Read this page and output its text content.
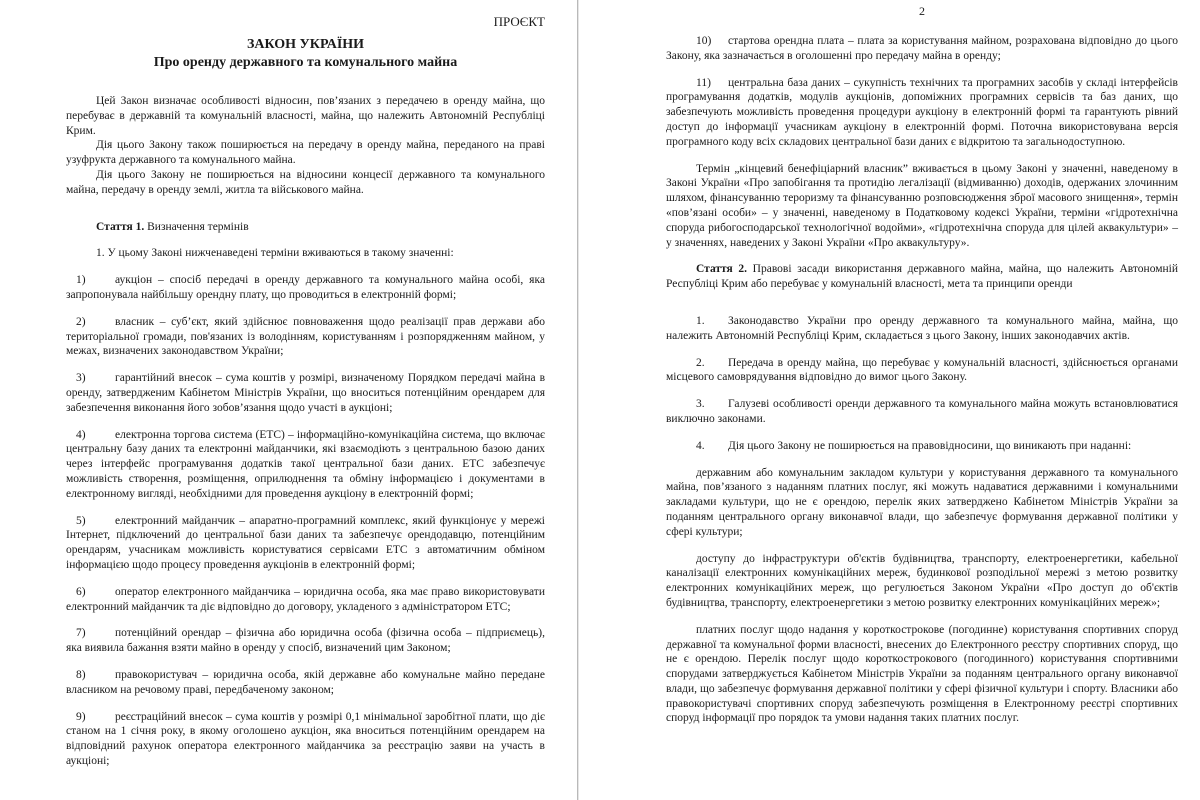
ПРОЄКТ
ЗАКОН УКРАЇНИ
Про оренду державного та комунального майна

Цей Закон визначає особливості відносин, пов’язаних з передачею в оренду майна, що перебуває в державній та комунальній власності, майна, що належить Автономній Республіці Крим.

Дія цього Закону також поширюється на передачу в оренду майна, переданого на праві узуфрукта державного та комунального майна.

Дія цього Закону не поширюється на відносини концесії державного та комунального майна, передачу в оренду землі, житла та військового майна.

Стаття 1. Визначення термінів

1. У цьому Законі нижченаведені терміни вживаються в такому значенні:

1)	аукціон – спосіб передачі в оренду державного та комунального майна особі, яка запропонувала найбільшу орендну плату, що проводиться в електронній формі;

2)	власник – суб’єкт, який здійснює повноваження щодо реалізації прав держави або територіальної громади, пов'язаних із володінням, користуванням і розпорядженням майном, у межах, визначених законодавством України;

3)	гарантійний внесок – сума коштів у розмірі, визначеному Порядком передачі майна в оренду, затвердженим Кабінетом Міністрів України, що вноситься потенційним орендарем для забезпечення виконання його зобов’язання щодо участі в аукціоні;

4)	електронна торгова система (ЕТС) – інформаційно-комунікаційна система, що включає центральну базу даних та електронні майданчики, які взаємодіють з центральною базою даних через інтерфейс програмування додатків такої центральної бази даних. ЕТС забезпечує можливість створення, розміщення, оприлюднення та обміну інформацією і документами в електронному вигляді, необхідними для проведення аукціону в електронній формі;

5)	електронний майданчик – апаратно-програмний комплекс, який функціонує у мережі Інтернет, підключений до центральної бази даних та забезпечує орендодавцю, потенційним орендарям, учасникам можливість користуватися сервісами ЕТС з автоматичним обміном інформацією щодо процесу проведення аукціонів в електронній формі;

6)	оператор електронного майданчика – юридична особа, яка має право використовувати електронний майданчик та діє відповідно до договору, укладеного з адміністратором ЕТС;

7)	потенційний орендар – фізична або юридична особа (фізична особа – підприємець), яка виявила бажання взяти майно в оренду у спосіб, визначений цим Законом;

8)	правокористувач – юридична особа, якій державне або комунальне майно передане власником на речовому праві, передбаченому законом;

9)	реєстраційний внесок – сума коштів у розмірі 0,1 мінімальної заробітної плати, що діє станом на 1 січня року, в якому оголошено аукціон, яка вноситься потенційним орендарем на відповідний рахунок оператора електронного майданчика за реєстрацію заяви на участь в аукціоні;

2

10) стартова орендна плата – плата за користування майном, розрахована відповідно до цього Закону, яка зазначається в оголошенні про передачу майна в оренду;

11) центральна база даних – сукупність технічних та програмних засобів у складі інтерфейсів програмування додатків, модулів аукціонів, допоміжних програмних сервісів та баз даних, що забезпечують можливість проведення процедури аукціону в електронній формі та гарантують рівний доступ до інформації учасникам аукціону в електронній формі. Поточна використовувана версія програмного коду всіх складових центральної бази даних є відкритою та загальнодоступною.

Термін „кінцевий бенефіціарний власник” вживається в цьому Законі у значенні, наведеному в Законі України «Про запобігання та протидію легалізації (відмиванню) доходів, одержаних злочинним шляхом, фінансуванню тероризму та фінансуванню розповсюдження зброї масового знищення», термін «пов’язані особи» – у значенні, наведеному в Податковому кодексі України, терміни «гідротехнічна споруда рибогосподарської технологічної водойми», «гідротехнічна споруда для цілей аквакультури» – у значеннях, наведених у Законі України «Про аквакультуру».

Стаття 2. Правові засади використання державного майна, майна, що належить Автономній Республіці Крим або перебуває у комунальній власності, мета та принципи оренди

1. Законодавство України про оренду державного та комунального майна, майна, що належить Автономній Республіці Крим, складається з цього Закону, інших законодавчих актів.

2. Передача в оренду майна, що перебуває у комунальній власності, здійснюється органами місцевого самоврядування відповідно до вимог цього Закону.

3. Галузеві особливості оренди державного та комунального майна можуть встановлюватися виключно законами.

4. Дія цього Закону не поширюється на правовідносини, що виникають при наданні:

державним або комунальним закладом культури у користування державного та комунального майна, пов’язаного з наданням платних послуг, які можуть надаватися державними і комунальними закладами культури, що не є орендою, перелік яких затверджено Кабінетом Міністрів України за поданням центрального органу виконавчої влади, що забезпечує формування державної політики у сфері культури;

доступу до інфраструктури об'єктів будівництва, транспорту, електроенергетики, кабельної каналізації електронних комунікаційних мереж, будинкової розподільної мережі з метою розвитку електронних комунікаційних мереж, що регулюється Законом України «Про доступ до об'єктів будівництва, транспорту, електроенергетики з метою розвитку електронних комунікаційних мереж»;

платних послуг щодо надання у короткострокове (погодинне) користування спортивних споруд державної та комунальної форми власності, внесених до Електронного реєстру спортивних споруд, що не є орендою. Перелік послуг щодо короткострокового (погодинного) користування спортивними спорудами затверджується Кабінетом Міністрів України за поданням центрального органу виконавчої влади, що забезпечує формування державної політики у сфері фізичної культури і спорту. Власники або правокористувачі спортивних споруд забезпечують розміщення в Електронному реєстрі спортивних споруд інформації про порядок та умови надання таких платних послуг.
